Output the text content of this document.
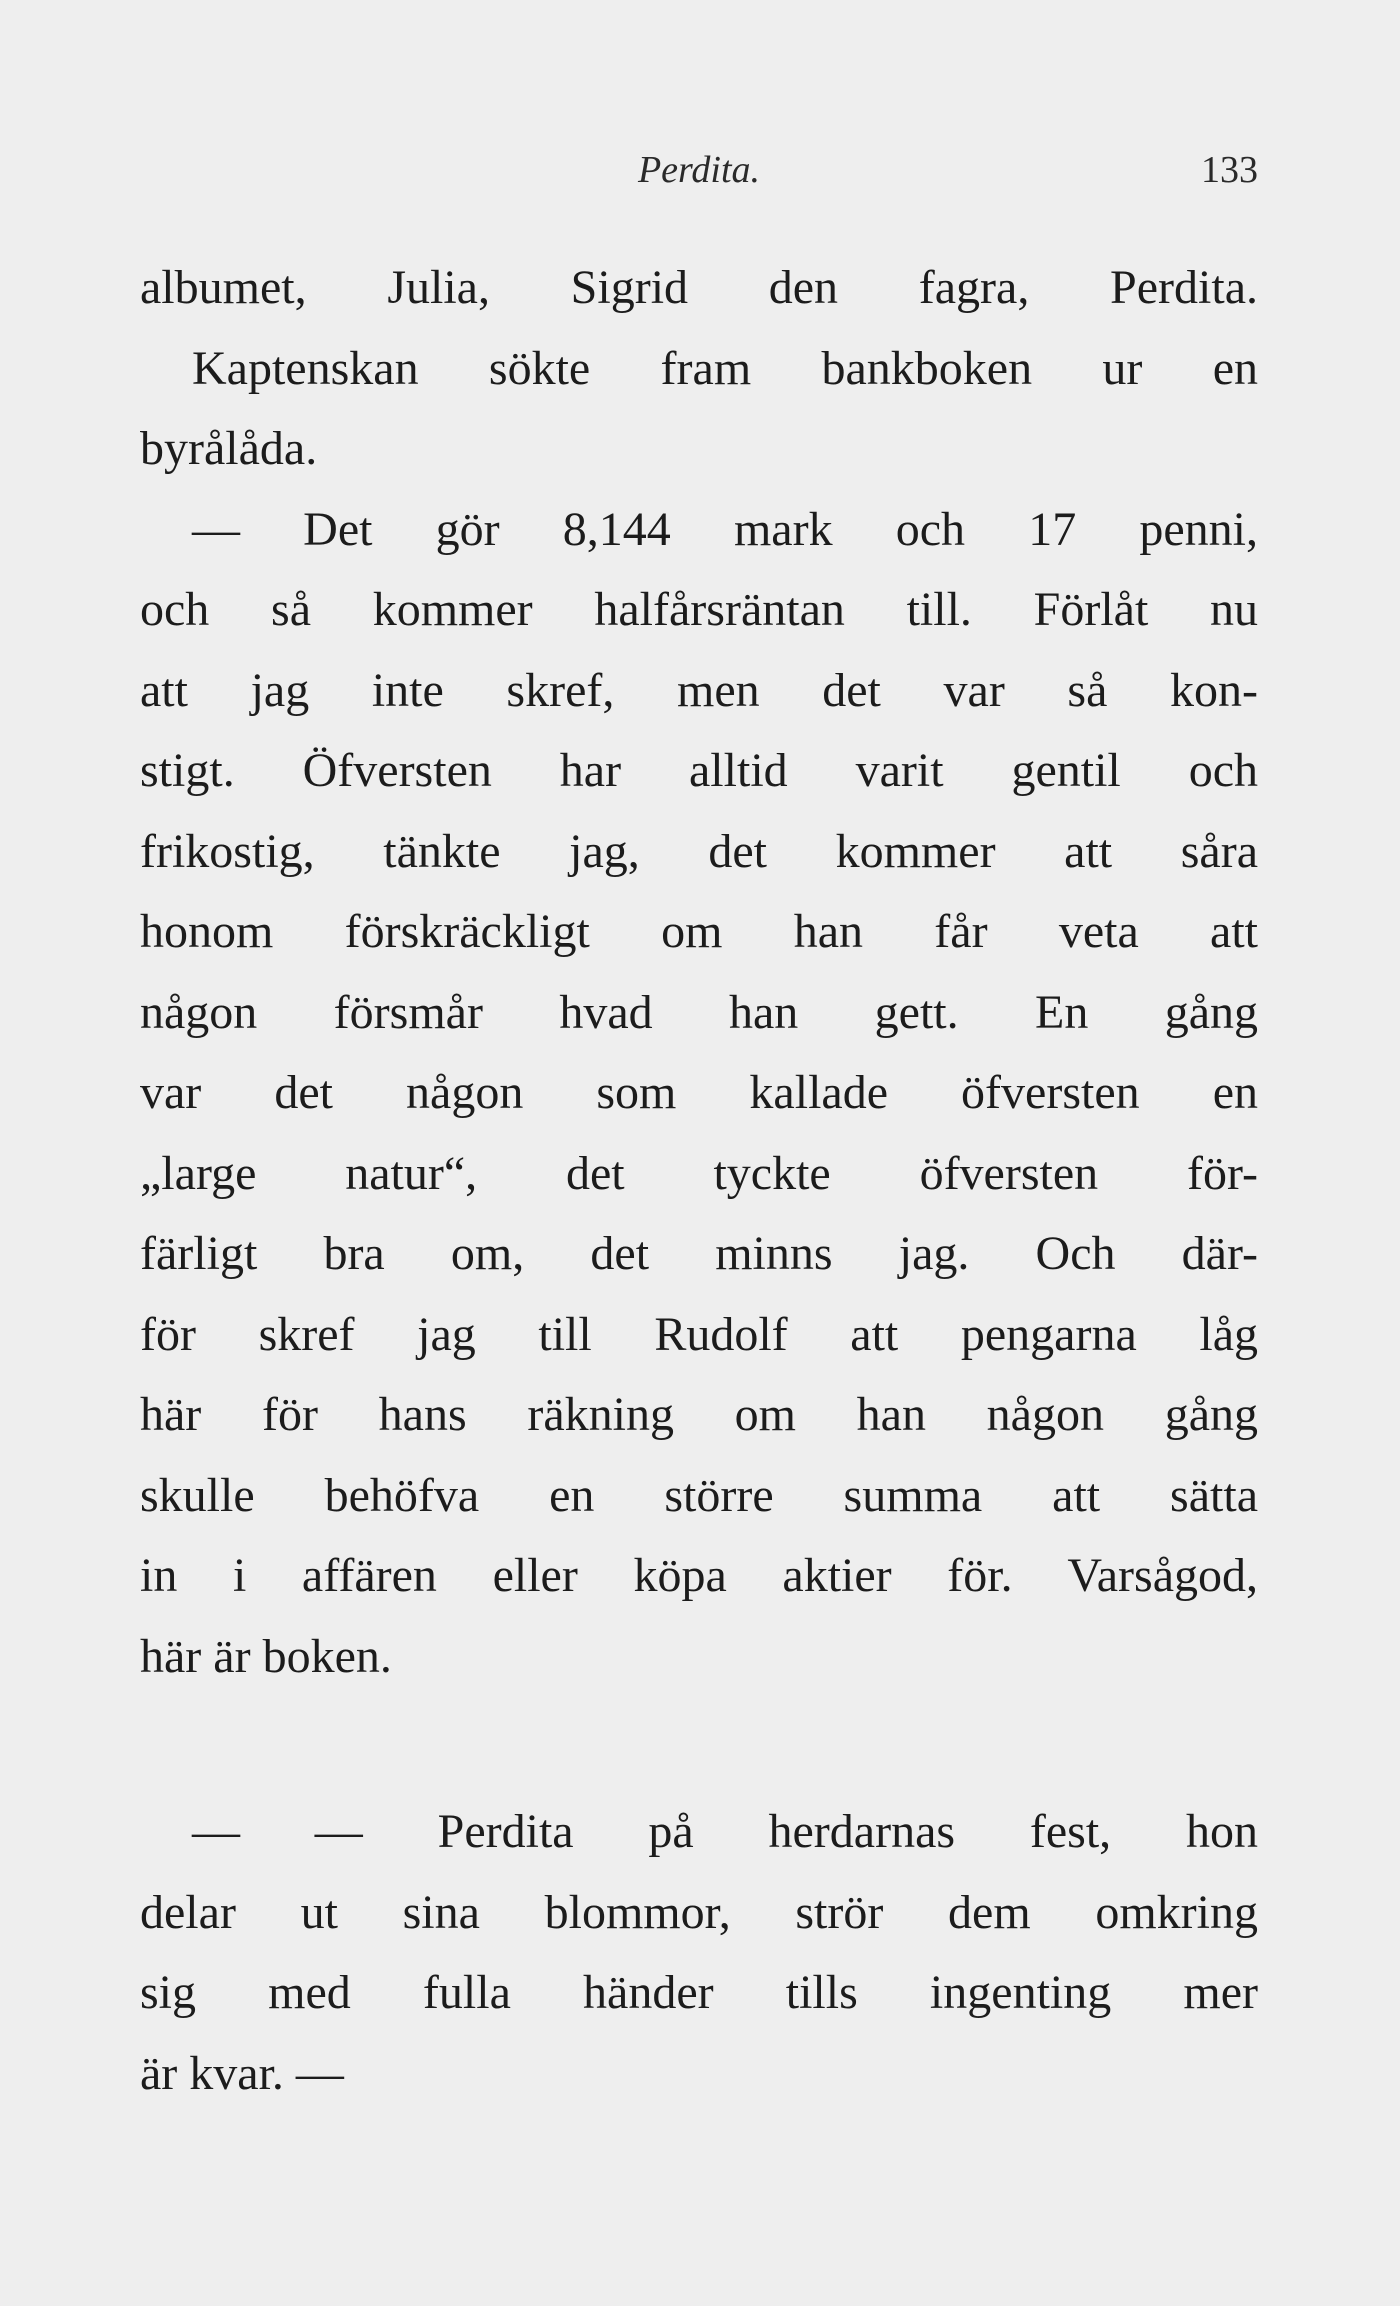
Perdita.	133
albumet, Julia, Sigrid den fagra, Perdita.
Kaptenskan sökte fram bankboken ur en
byrålåda.
— Det gör 8,144 mark och 17 penni,
och så kommer halfårsräntan till. Förlåt nu
att jag inte skref, men det var så kon-
stigt. Öfversten har alltid varit gentil och
frikostig, tänkte jag, det kommer att såra
honom förskräckligt om han får veta att
någon försmår hvad han gett. En gång
var det någon som kallade öfversten en
„large natur“, det tyckte öfversten för-
färligt bra om, det minns jag. Och där-
för skref jag till Rudolf att pengarna låg
här för hans räkning om han någon gång
skulle behöfva en större summa att sätta
in i affären eller köpa aktier för. Varsågod,
här är boken.
— — Perdita på herdarnas fest, hon
delar ut sina blommor, strör dem omkring
sig med fulla händer tills ingenting mer
är kvar. —
